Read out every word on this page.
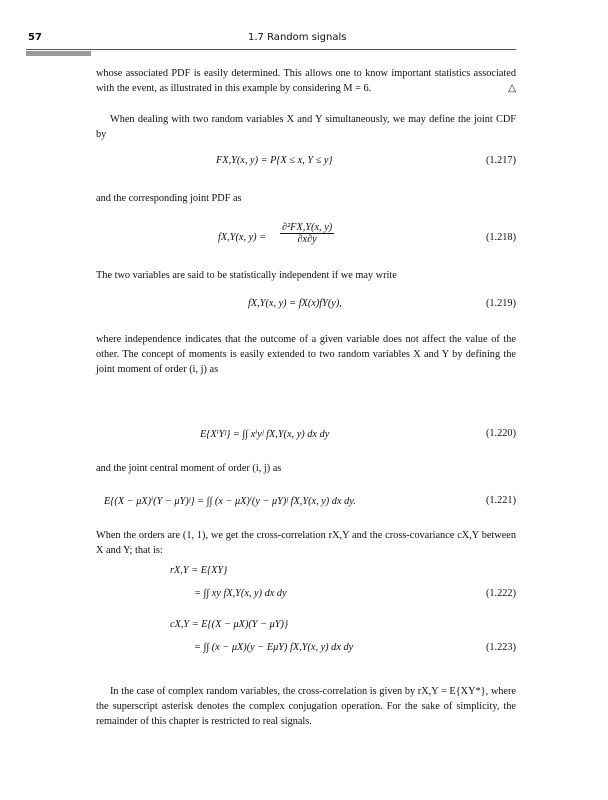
57	1.7 Random signals

whose associated PDF is easily determined. This allows one to know important statistics associated with the event, as illustrated in this example by considering M = 6.	△

When dealing with two random variables X and Y simultaneously, we may define the joint CDF by

FX,Y(x, y) = P{X ≤ x, Y ≤ y}	(1.217)

and the corresponding joint PDF as

fX,Y(x, $y) = \frac{\text{∂²FX,Y(x, y)}}{\partial x\partial y}$	(1.218)

The two variables are said to be statistically independent if we may write

fX,Y(x, y) = fX(x)fY(y),	(1.219)

where independence indicates that the outcome of a given variable does not affect the value of the other. The concept of moments is easily extended to two random variables X and Y by defining the joint moment of order (i, j) as

E{XⁱYʲ} = ∫∫ xⁱyʲ fX,Y(x, y) dx dy	(1.220)

and the joint central moment of order (i, j) as

E{(X − μX)ⁱ(Y − μY)ʲ} = ∫∫ (x − μX)ⁱ(y − μY)ʲ fX,Y(x, y) dx dy.	(1.221)

When the orders are (1, 1), we get the cross-correlation rX,Y and the cross-covariance cX,Y between X and Y; that is:

rX,Y = E{XY}
= ∫∫ xy fX,Y(x, y) dx dy	(1.222)
cX,Y = E{(X − μX)(Y − μY)}
= ∫∫ (x − μX)(y − EμY) fX,Y(x, y) dx dy	(1.223)

In the case of complex random variables, the cross-correlation is given by rX,Y = E{XY*}, where the superscript asterisk denotes the complex conjugation operation. For the sake of simplicity, the remainder of this chapter is restricted to real signals.
